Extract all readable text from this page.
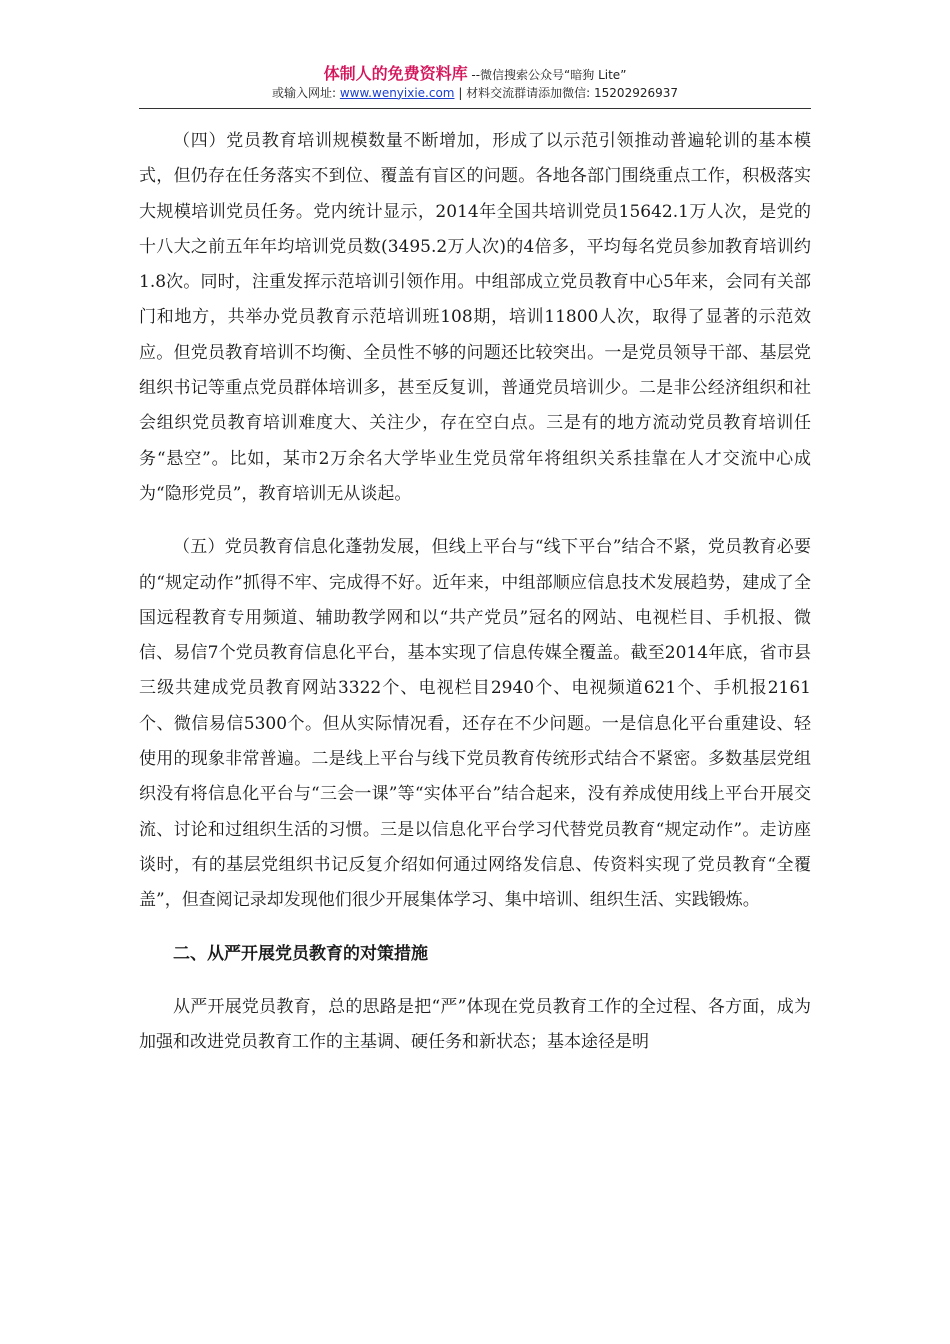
体制人的免费资料库 --微信搜索公众号“暗狗 Lite”
或输入网址: www.wenyixie.com | 材料交流群请添加微信: 15202926937

（四）党员教育培训规模数量不断增加，形成了以示范引领推动普遍轮训的基本模式，但仍存在任务落实不到位、覆盖有盲区的问题。各地各部门围绕重点工作，积极落实大规模培训党员任务。党内统计显示，2014年全国共培训党员15642.1万人次，是党的十八大之前五年年均培训党员数(3495.2万人次)的4倍多，平均每名党员参加教育培训约1.8次。同时，注重发挥示范培训引领作用。中组部成立党员教育中心5年来，会同有关部门和地方，共举办党员教育示范培训班108期，培训11800人次，取得了显著的示范效应。但党员教育培训不均衡、全员性不够的问题还比较突出。一是党员领导干部、基层党组织书记等重点党员群体培训多，甚至反复训，普通党员培训少。二是非公经济组织和社会组织党员教育培训难度大、关注少，存在空白点。三是有的地方流动党员教育培训任务“悬空”。比如，某市2万余名大学毕业生党员常年将组织关系挂靠在人才交流中心成为“隐形党员”，教育培训无从谈起。

（五）党员教育信息化蓬勃发展，但线上平台与“线下平台”结合不紧，党员教育必要的“规定动作”抓得不牢、完成得不好。近年来，中组部顺应信息技术发展趋势，建成了全国远程教育专用频道、辅助教学网和以“共产党员”冠名的网站、电视栏目、手机报、微信、易信7个党员教育信息化平台，基本实现了信息传媒全覆盖。截至2014年底，省市县三级共建成党员教育网站3322个、电视栏目2940个、电视频道621个、手机报2161个、微信易信5300个。但从实际情况看，还存在不少问题。一是信息化平台重建设、轻使用的现象非常普遍。二是线上平台与线下党员教育传统形式结合不紧密。多数基层党组织没有将信息化平台与“三会一课”等“实体平台”结合起来，没有养成使用线上平台开展交流、讨论和过组织生活的习惯。三是以信息化平台学习代替党员教育“规定动作”。走访座谈时，有的基层党组织书记反复介绍如何通过网络发信息、传资料实现了党员教育“全覆盖”，但查阅记录却发现他们很少开展集体学习、集中培训、组织生活、实践锻炼。

二、从严开展党员教育的对策措施

从严开展党员教育，总的思路是把“严”体现在党员教育工作的全过程、各方面，成为加强和改进党员教育工作的主基调、硬任务和新状态；基本途径是明
